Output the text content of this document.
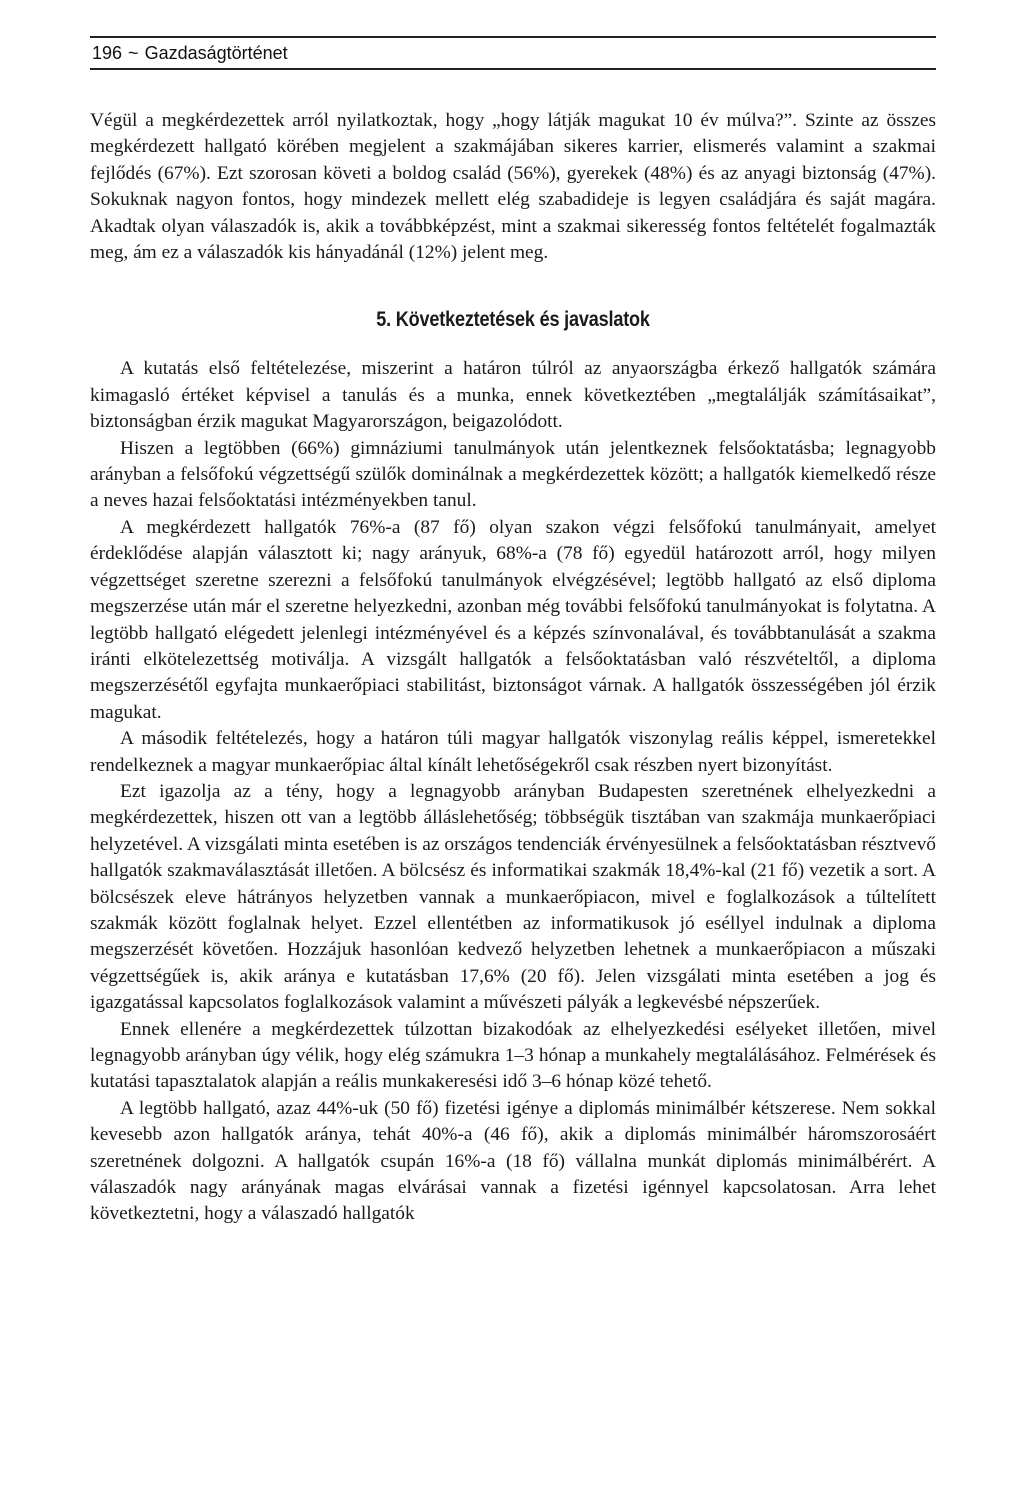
196 ~ Gazdaságtörténet

Végül a megkérdezettek arról nyilatkoztak, hogy „hogy látják magukat 10 év múlva?”. Szinte az összes megkérdezett hallgató körében megjelent a szakmájában sikeres karrier, elismerés valamint a szakmai fejlődés (67%). Ezt szorosan követi a boldog család (56%), gyerekek (48%) és az anyagi biztonság (47%). Sokuknak nagyon fontos, hogy mindezek mellett elég szabadideje is legyen családjára és saját magára. Akadtak olyan válaszadók is, akik a továbbképzést, mint a szakmai sikeresség fontos feltételét fogalmazták meg, ám ez a válaszadók kis hányadánál (12%) jelent meg.

5. Következtetések és javaslatok

A kutatás első feltételezése, miszerint a határon túlról az anyaországba érkező hallgatók számára kimagasló értéket képvisel a tanulás és a munka, ennek következtében „megtalálják számításaikat”, biztonságban érzik magukat Magyarországon, beigazolódott.

Hiszen a legtöbben (66%) gimnáziumi tanulmányok után jelentkeznek felsőoktatásba; legnagyobb arányban a felsőfokú végzettségű szülők dominálnak a megkérdezettek között; a hallgatók kiemelkedő része a neves hazai felsőoktatási intézményekben tanul.

A megkérdezett hallgatók 76%-a (87 fő) olyan szakon végzi felsőfokú tanulmányait, amelyet érdeklődése alapján választott ki; nagy arányuk, 68%-a (78 fő) egyedül határozott arról, hogy milyen végzettséget szeretne szerezni a felsőfokú tanulmányok elvégzésével; legtöbb hallgató az első diploma megszerzése után már el szeretne helyezkedni, azonban még további felsőfokú tanulmányokat is folytatna. A legtöbb hallgató elégedett jelenlegi intézményével és a képzés színvonalával, és továbbtanulását a szakma iránti elkötelezettség motiválja. A vizsgált hallgatók a felsőoktatásban való részvételtől, a diploma megszerzésétől egyfajta munkaerőpiaci stabilitást, biztonságot várnak. A hallgatók összességében jól érzik magukat.

A második feltételezés, hogy a határon túli magyar hallgatók viszonylag reális képpel, ismeretekkel rendelkeznek a magyar munkaerőpiac által kínált lehetőségekről csak részben nyert bizonyítást.

Ezt igazolja az a tény, hogy a legnagyobb arányban Budapesten szeretnének elhelyezkedni a megkérdezettek, hiszen ott van a legtöbb álláslehetőség; többségük tisztában van szakmája munkaerőpiaci helyzetével. A vizsgálati minta esetében is az országos tendenciák érvényesülnek a felsőoktatásban résztvevő hallgatók szakmaválasztását illetően. A bölcsész és informatikai szakmák 18,4%-kal (21 fő) vezetik a sort. A bölcsészek eleve hátrányos helyzetben vannak a munkaerőpiacon, mivel e foglalkozások a túltelített szakmák között foglalnak helyet. Ezzel ellentétben az informatikusok jó eséllyel indulnak a diploma megszerzését követően. Hozzájuk hasonlóan kedvező helyzetben lehetnek a munkaerőpiacon a műszaki végzettségűek is, akik aránya e kutatásban 17,6% (20 fő). Jelen vizsgálati minta esetében a jog és igazgatással kapcsolatos foglalkozások valamint a művészeti pályák a legkevésbé népszerűek.

Ennek ellenére a megkérdezettek túlzottan bizakodóak az elhelyezkedési esélyeket illetően, mivel legnagyobb arányban úgy vélik, hogy elég számukra 1–3 hónap a munkahely megtalálásához. Felmérések és kutatási tapasztalatok alapján a reális munkakeresési idő 3–6 hónap közé tehető.

A legtöbb hallgató, azaz 44%-uk (50 fő) fizetési igénye a diplomás minimálbér kétszerese. Nem sokkal kevesebb azon hallgatók aránya, tehát 40%-a (46 fő), akik a diplomás minimálbér háromszorosáért szeretnének dolgozni. A hallgatók csupán 16%-a (18 fő) vállalna munkát diplomás minimálbérért. A válaszadók nagy arányának magas elvárásai vannak a fizetési igénnyel kapcsolatosan. Arra lehet következtetni, hogy a válaszadó hallgatók
